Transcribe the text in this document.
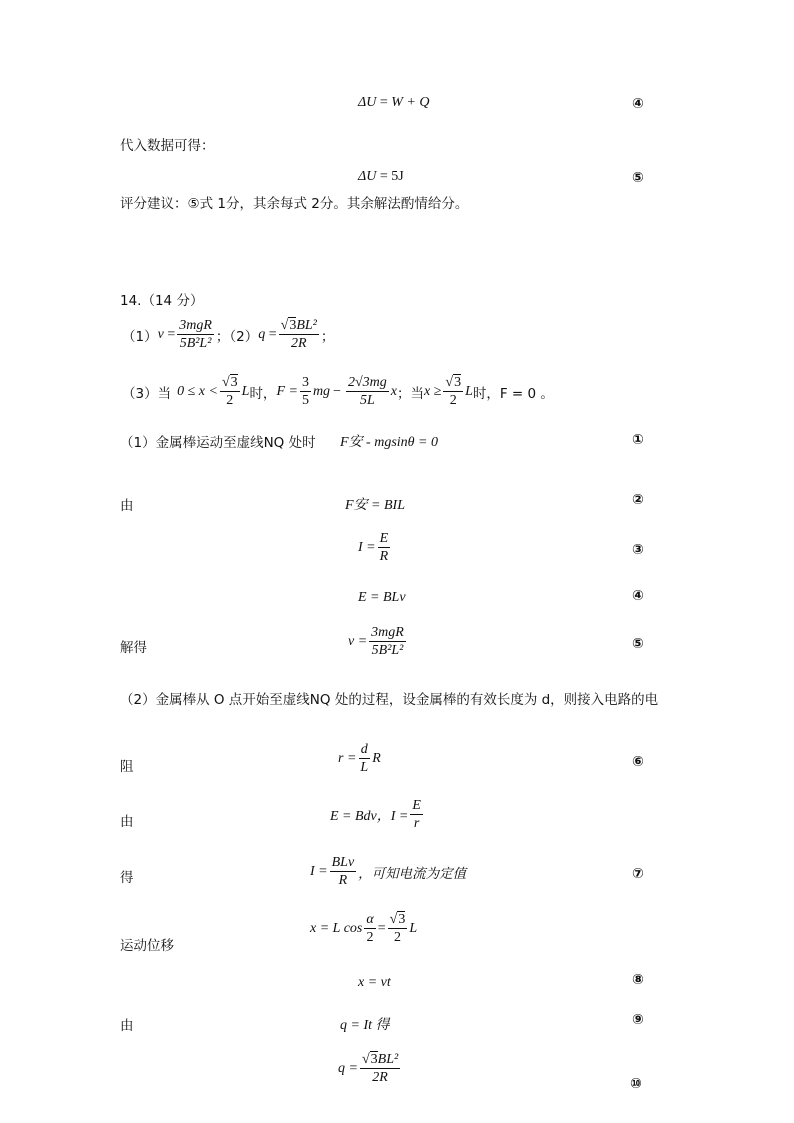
ΔU = W + Q	④
代入数据可得：
ΔU = 5J	⑤
评分建议：⑤式 1分，其余每式 2分。其余解法酌情给分。
14.（14 分）
（1） $v = \frac{\text{3mgR}}{\text{5B²L²}}$ ；（2） $q = \frac{\text{√3BL²}}{2R}$ ；
（3）当 $0 \le x < \frac{√3}{2}$ L 时， $F = \frac{3}{5}$ mg − $\frac{2√3mg}{5L}$ x ；当 $x \ge \frac{√3}{2}$ L 时，F = 0 。
（1）金属棒运动至虚线NQ 处时 F安 - mgsinθ = 0	①
由	F安 = BIL	②
$I = \frac{E}{R}$	③
E = BLv	④
解得	$v = \frac{\text{3mgR}}{\text{5B²L²}}$	⑤
（2）金属棒从 O 点开始至虚线NQ 处的过程，设金属棒的有效长度为 d，则接入电路的电
阻
$r = \frac{d}{L}$ R	⑥
由	E = Bdv，$I = \frac{E}{r}$
得	$I = \frac{\text{BLv}}{R}$ ，可知电流为定值	⑦
运动位移
x = L $\cos \frac{\alpha}{2} = \frac{√3}{2}$ L
x = vt	⑧
由	q = It 得	⑨
$q = \frac{\text{√3BL²}}{2R}$	⑩
